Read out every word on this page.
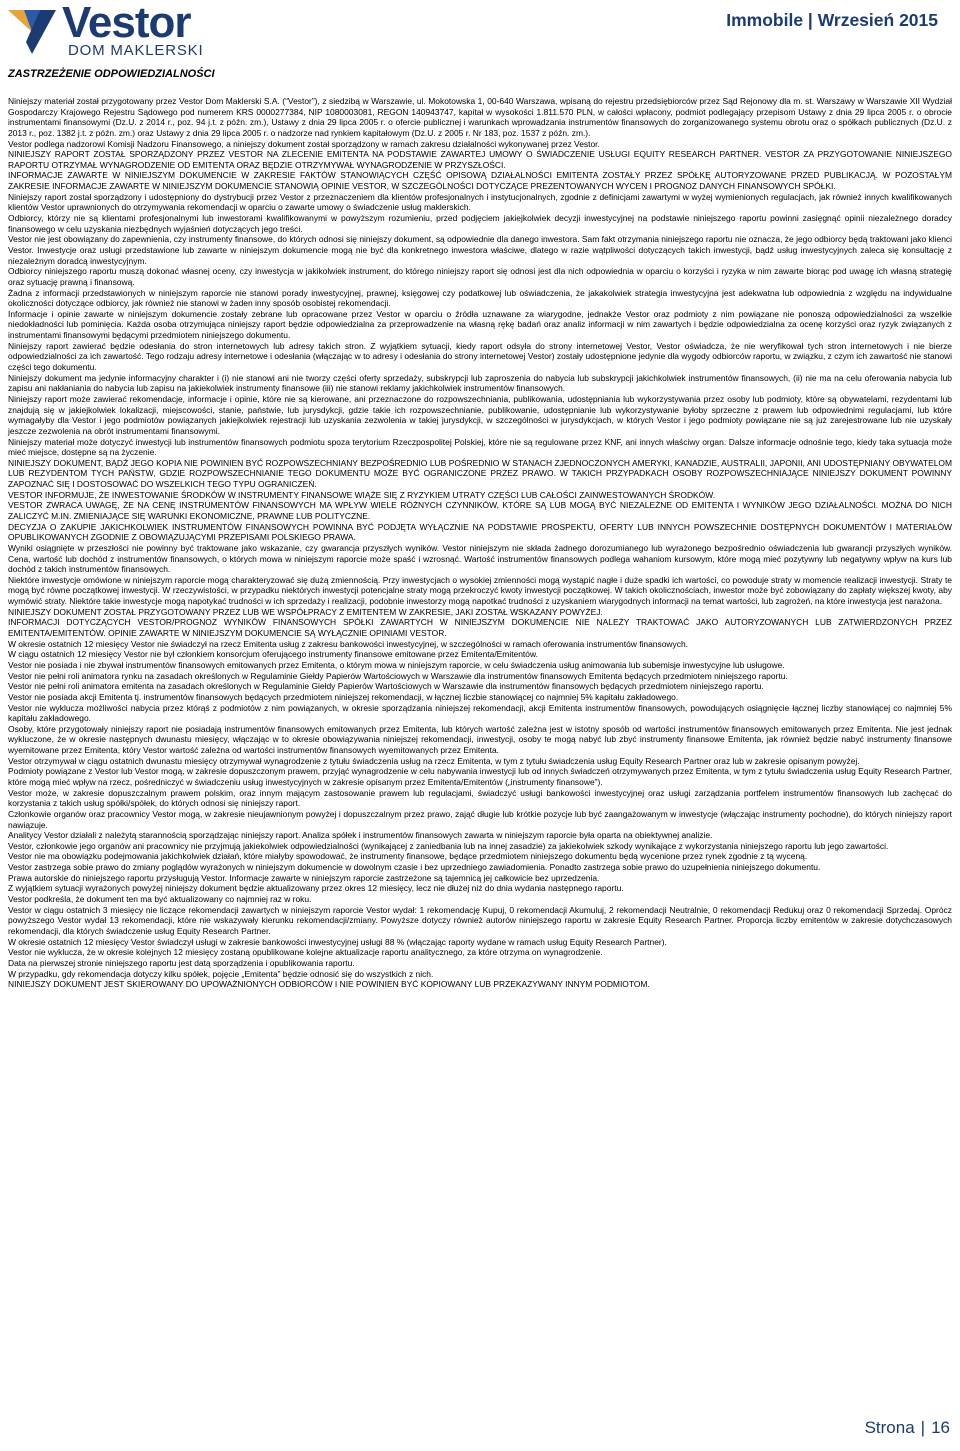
Vestor
DOM MAKLERSKI
Immobile | Wrzesień 2015
ZASTRZEŻENIE ODPOWIEDZIALNOŚCI

Niniejszy materiał został przygotowany przez Vestor Dom Maklerski S.A. (“Vestor”), z siedzibą w Warszawie, ul. Mokotowska 1, 00-640 Warszawa, wpisaną do rejestru przedsiębiorców przez Sąd Rejonowy dla m. st. Warszawy w Warszawie XII Wydział Gospodarczy Krajowego Rejestru Sądowego pod numerem KRS 0000277384, NIP 1080003081, REGON 140943747, kapitał w wysokości 1.811.570 PLN, w całości wpłacony, podmiot podlegający przepisom Ustawy z dnia 29 lipca 2005 r. o obrocie instrumentami finansowymi (Dz.U. z 2014 r., poz. 94 j.t. z późn. zm.), Ustawy z dnia 29 lipca 2005 r. o ofercie publicznej i warunkach wprowadzania instrumentów finansowych do zorganizowanego systemu obrotu oraz o spółkach publicznych (Dz.U. z 2013 r., poz. 1382 j.t. z późn. zm.) oraz Ustawy z dnia 29 lipca 2005 r. o nadzorze nad rynkiem kapitałowym (Dz.U. z 2005 r. Nr 183, poz. 1537 z późn. zm.).

Vestor podlega nadzorowi Komisji Nadzoru Finansowego, a niniejszy dokument został sporządzony w ramach zakresu działalności wykonywanej przez Vestor.

NINIEJSZY RAPORT ZOSTAŁ SPORZĄDZONY PRZEZ VESTOR NA ZLECENIE EMITENTA NA PODSTAWIE ZAWARTEJ UMOWY O ŚWIADCZENIE USŁUGI EQUITY RESEARCH PARTNER. VESTOR ZA PRZYGOTOWANIE NINIEJSZEGO RAPORTU OTRZYMAŁ WYNAGRODZENIE OD EMITENTA ORAZ BĘDZIE OTRZYMYWAŁ WYNAGRODZENIE W PRZYSZŁOŚCI.

INFORMACJE ZAWARTE W NINIEJSZYM DOKUMENCIE W ZAKRESIE FAKTÓW STANOWIĄCYCH CZĘŚĆ OPISOWĄ DZIAŁALNOŚCI EMITENTA ZOSTAŁY PRZEZ SPÓŁKĘ AUTORYZOWANE PRZED PUBLIKACJĄ. W POZOSTAŁYM ZAKRESIE INFORMACJE ZAWARTE W NINIEJSZYM DOKUMENCIE STANOWIĄ OPINIE VESTOR, W SZCZEGÓLNOŚCI DOTYCZĄCE PREZENTOWANYCH WYCEN I PROGNOZ DANYCH FINANSOWYCH SPÓŁKI.

Niniejszy raport został sporządzony i udostępniony do dystrybucji przez Vestor z przeznaczeniem dla klientów profesjonalnych i instytucjonalnych, zgodnie z definicjami zawartymi w wyżej wymienionych regulacjach, jak również innych kwalifikowanych klientów Vestor uprawnionych do otrzymywania rekomendacji w oparciu o zawarte umowy o świadczenie usług maklerskich.

Odbiorcy, którzy nie są klientami profesjonalnymi lub inwestorami kwalifikowanymi w powyższym rozumieniu, przed podjęciem jakiejkolwiek decyzji inwestycyjnej na podstawie niniejszego raportu powinni zasięgnąć opinii niezależnego doradcy finansowego w celu uzyskania niezbędnych wyjaśnień dotyczących jego treści.

Vestor nie jest obowiązany do zapewnienia, czy instrumenty finansowe, do których odnosi się niniejszy dokument, są odpowiednie dla danego inwestora. Sam fakt otrzymania niniejszego raportu nie oznacza, że jego odbiorcy będą traktowani jako klienci Vestor. Inwestycje oraz usługi przedstawione lub zawarte w niniejszym dokumencie mogą nie być dla konkretnego inwestora właściwe, dlatego w razie wątpliwości dotyczących takich inwestycji, bądź usług inwestycyjnych zaleca się konsultację z niezależnym doradcą inwestycyjnym.

Odbiorcy niniejszego raportu muszą dokonać własnej oceny, czy inwestycja w jakikolwiek instrument, do którego niniejszy raport się odnosi jest dla nich odpowiednia w oparciu o korzyści i ryzyka w nim zawarte biorąc pod uwagę ich własną strategię oraz sytuację prawną i finansową.

Żadna z informacji przedstawionych w niniejszym raporcie nie stanowi porady inwestycyjnej, prawnej, księgowej czy podatkowej lub oświadczenia, że jakakolwiek strategia inwestycyjna jest adekwatna lub odpowiednia z względu na indywidualne okoliczności dotyczące odbiorcy, jak również nie stanowi w żaden inny sposób osobistej rekomendacji.

Informacje i opinie zawarte w niniejszym dokumencie zostały zebrane lub opracowane przez Vestor w oparciu o źródła uznawane za wiarygodne, jednakże Vestor oraz podmioty z nim powiązane nie ponoszą odpowiedzialności za wszelkie niedokładności lub pominięcia. Każda osoba otrzymująca niniejszy raport będzie odpowiedzialna za przeprowadzenie na własną rękę badań oraz analiz informacji w nim zawartych i będzie odpowiedzialna za ocenę korzyści oraz ryzyk związanych z instrumentami finansowymi będącymi przedmiotem niniejszego dokumentu.

Niniejszy raport zawierać będzie odesłania do stron internetowych lub adresy takich stron. Z wyjątkiem sytuacji, kiedy raport odsyła do strony internetowej Vestor, Vestor oświadcza, że nie weryfikował tych stron internetowych i nie bierze odpowiedzialności za ich zawartość. Tego rodzaju adresy internetowe i odesłania (włączając w to adresy i odesłania do strony internetowej Vestor) zostały udostępnione jedynie dla wygody odbiorców raportu, w związku, z czym ich zawartość nie stanowi części tego dokumentu.

Niniejszy dokument ma jedynie informacyjny charakter i (i) nie stanowi ani nie tworzy części oferty sprzedaży, subskrypcji lub zaproszenia do nabycia lub subskrypcji jakichkolwiek instrumentów finansowych, (ii) nie ma na celu oferowania nabycia lub zapisu ani nakłaniania do nabycia lub zapisu na jakiekolwiek instrumenty finansowe (iii) nie stanowi reklamy jakichkolwiek instrumentów finansowych.

Niniejszy raport może zawierać rekomendacje, informacje i opinie, które nie są kierowane, ani przeznaczone do rozpowszechniania, publikowania, udostępniania lub wykorzystywania przez osoby lub podmioty, które są obywatelami, rezydentami lub znajdują się w jakiejkolwiek lokalizacji, miejscowości, stanie, państwie, lub jurysdykcji, gdzie takie ich rozpowszechnianie, publikowanie, udostępnianie lub wykorzystywanie byłoby sprzeczne z prawem lub odpowiednimi regulacjami, lub które wymagałyby dla Vestor i jego podmiotów powiązanych jakiejkolwiek rejestracji lub uzyskania zezwolenia w takiej jurysdykcji, w szczególności w jurysdykcjach, w których Vestor i jego podmioty powiązane nie są już zarejestrowane lub nie uzyskały jeszcze zezwolenia na obrót instrumentami finansowymi.

Niniejszy materiał może dotyczyć inwestycji lub instrumentów finansowych podmiotu spoza terytorium Rzeczpospolitej Polskiej, które nie są regulowane przez KNF, ani innych właściwy organ. Dalsze informacje odnośnie tego, kiedy taka sytuacja może mieć miejsce, dostępne są na życzenie.

NINIEJSZY DOKUMENT, BĄDŹ JEGO KOPIA NIE POWINIEN BYĆ ROZPOWSZECHNIANY BEZPOŚREDNIO LUB POŚREDNIO W STANACH ZJEDNOCZONYCH AMERYKI, KANADZIE, AUSTRALII, JAPONII, ANI UDOSTĘPNIANY OBYWATELOM LUB REZYDENTOM TYCH PAŃSTW, GDZIE ROZPOWSZECHNIANIE TEGO DOKUMENTU MOŻE BYĆ OGRANICZONE PRZEZ PRAWO. W TAKICH PRZYPADKACH OSOBY ROZPOWSZECHNIAJĄCE NINIEJSZY DOKUMENT POWINNY ZAPOZNAĆ SIĘ I DOSTOSOWAĆ DO WSZELKICH TEGO TYPU OGRANICZEŃ.

VESTOR INFORMUJE, ŻE INWESTOWANIE ŚRODKÓW W INSTRUMENTY FINANSOWE WIĄŻE SIĘ Z RYZYKIEM UTRATY CZĘŚCI LUB CAŁOŚCI ZAINWESTOWANYCH ŚRODKÓW.

VESTOR ZWRACA UWAGĘ, ŻE NA CENĘ INSTRUMENTÓW FINANSOWYCH MA WPŁYW WIELE RÓŻNYCH CZYNNIKÓW, KTÓRE SĄ LUB MOGĄ BYĆ NIEZALEŻNE OD EMITENTA I WYNIKÓW JEGO DZIAŁALNOŚCI. MOŻNA DO NICH ZALICZYĆ M.IN. ZMIENIAJĄCE SIĘ WARUNKI EKONOMICZNE, PRAWNE LUB POLITYCZNE.

DECYZJA O ZAKUPIE JAKICHKOLWIEK INSTRUMENTÓW FINANSOWYCH POWINNA BYĆ PODJĘTA WYŁĄCZNIE NA PODSTAWIE PROSPEKTU, OFERTY LUB INNYCH POWSZECHNIE DOSTĘPNYCH DOKUMENTÓW I MATERIAŁÓW OPUBLIKOWANYCH ZGODNIE Z OBOWIĄZUJĄCYMI PRZEPISAMI POLSKIEGO PRAWA.

Wyniki osiągnięte w przeszłości nie powinny być traktowane jako wskazanie, czy gwarancja przyszłych wyników. Vestor niniejszym nie składa żadnego dorozumianego lub wyrażonego bezpośrednio oświadczenia lub gwarancji przyszłych wyników. Cena, wartość lub dochód z instrumentów finansowych, o których mowa w niniejszym raporcie może spaść i wzrosnąć. Wartość instrumentów finansowych podlega wahaniom kursowym, które mogą mieć pozytywny lub negatywny wpływ na kurs lub dochód z takich instrumentów finansowych.

Niektóre inwestycje omówione w niniejszym raporcie mogą charakteryzować się dużą zmiennością. Przy inwestycjach o wysokiej zmienności mogą wystąpić nagłe i duże spadki ich wartości, co powoduje straty w momencie realizacji inwestycji. Straty te mogą być równe początkowej inwestycji. W rzeczywistości, w przypadku niektórych inwestycji potencjalne straty mogą przekroczyć kwoty inwestycji początkowej. W takich okolicznościach, inwestor może być zobowiązany do zapłaty większej kwoty, aby wymówić straty. Niektóre takie inwestycje mogą napotykać trudności w ich sprzedaży i realizacji, podobnie inwestorzy mogą napotkać trudności z uzyskaniem wiarygodnych informacji na temat wartości, lub zagrożeń, na które inwestycja jest narażona.

NINIEJSZY DOKUMENT ZOSTAŁ PRZYGOTOWANY PRZEZ LUB WE WSPÓŁPRACY Z EMITENTEM W ZAKRESIE, JAKI ZOSTAŁ WSKAZANY POWYŻEJ.

INFORMACJI DOTYCZĄCYCH VESTOR/PROGNOZ WYNIKÓW FINANSOWYCH SPÓŁKI ZAWARTYCH W NINIEJSZYM DOKUMENCIE NIE NALEŻY TRAKTOWAĆ JAKO AUTORYZOWANYCH LUB ZATWIERDZONYCH PRZEZ EMITENTA/EMITENTÓW. OPINIE ZAWARTE W NINIEJSZYM DOKUMENCIE SĄ WYŁĄCZNIE OPINIAMI VESTOR.

W okresie ostatnich 12 miesięcy Vestor nie świadczył na rzecz Emitenta usług z zakresu bankowości inwestycyjnej, w szczególności w ramach oferowania instrumentów finansowych.

W ciągu ostatnich 12 miesięcy Vestor nie był członkiem konsorcjum oferującego instrumenty finansowe emitowane przez Emitenta/Emitentów.

Vestor nie posiada i nie zbywał instrumentów finansowych emitowanych przez Emitenta, o którym mowa w niniejszym raporcie, w celu świadczenia usług animowania lub subemisje inwestycyjne lub usługowe.

Vestor nie pełni roli animatora rynku na zasadach określonych w Regulaminie Giełdy Papierów Wartościowych w Warszawie dla instrumentów finansowych Emitenta będących przedmiotem niniejszego raportu.

Vestor nie pełni roli animatora emitenta na zasadach określonych w Regulaminie Giełdy Papierów Wartościowych w Warszawie dla instrumentów finansowych będących przedmiotem niniejszego raportu.

Vestor nie posiada akcji Emitenta tj. instrumentów finansowych będących przedmiotem niniejszej rekomendacji, w łącznej liczbie stanowiącej co najmniej 5% kapitału zakładowego.

Vestor nie wyklucza możliwości nabycia przez którąś z podmiotów z nim powiązanych, w okresie sporządzania niniejszej rekomendacji, akcji Emitenta instrumentów finansowych, powodujących osiągnięcie łącznej liczby stanowiącej co najmniej 5% kapitału zakładowego.

Osoby, które przygotowały niniejszy raport nie posiadają instrumentów finansowych emitowanych przez Emitenta, lub których wartość zależna jest w istotny sposób od wartości instrumentów finansowych emitowanych przez Emitenta. Nie jest jednak wykluczone, że w okresie następnych dwunastu miesięcy, włączając w to okresie obowiązywania niniejszej rekomendacji, inwestycji, osoby te mogą nabyć lub zbyć instrumenty finansowe Emitenta, jak również będzie nabyć instrumenty finansowe wyemitowane przez Emitenta, który Vestor wartość zależna od wartości instrumentów finansowych wyemitowanych przez Emitenta.

Vestor otrzymywał w ciągu ostatnich dwunastu miesięcy otrzymywał wynagrodzenie z tytułu świadczenia usług na rzecz Emitenta, w tym z tytułu świadczenia usług Equity Research Partner oraz lub w zakresie opisanym powyżej.

Podmioty powiązane z Vestor lub Vestor mogą, w zakresie dopuszczonym prawem, przyjąć wynagrodzenie w celu nabywania inwestycji lub od innych świadczeń otrzymywanych przez Emitenta, w tym z tytułu świadczenia usług Equity Research Partner, które mogą mieć wpływ na rzecz, pośredniczyć w świadczeniu usług inwestycyjnych w zakresie opisanym przez Emitenta/Emitentów („instrumenty finansowe”).

Vestor może, w zakresie dopuszczalnym prawem polskim, oraz innym mającym zastosowanie prawem lub regulacjami, świadczyć usługi bankowości inwestycyjnej oraz usługi zarządzania portfelem instrumentów finansowych lub zachęcać do korzystania z takich usług spółki/spółek, do których odnosi się niniejszy raport.

Członkowie organów oraz pracownicy Vestor mogą, w zakresie nieujawnionym powyżej i dopuszczalnym przez prawo, zająć długie lub krótkie pozycje lub być zaangażowanym w inwestycje (włączając instrumenty pochodne), do których niniejszy raport nawiązuje.

Analitycy Vestor działali z należytą starannością sporządzając niniejszy raport. Analiza spółek i instrumentów finansowych zawarta w niniejszym raporcie była oparta na obiektywnej analizie.

Vestor, członkowie jego organów ani pracownicy nie przyjmują jakiekolwiek odpowiedzialności (wynikającej z zaniedbania lub na innej zasadzie) za jakiekolwiek szkody wynikające z wykorzystania niniejszego raportu lub jego zawartości.

Vestor nie ma obowiązku podejmowania jakichkolwiek działań, które miałyby spowodować, że instrumenty finansowe, będące przedmiotem niniejszego dokumentu będą wycenione przez rynek zgodnie z tą wyceną.

Vestor zastrzega sobie prawo do zmiany poglądów wyrażonych w niniejszym dokumencie w dowolnym czasie i bez uprzedniego zawiadomienia. Ponadto zastrzega sobie prawo do uzupełnienia niniejszego dokumentu.

Prawa autorskie do niniejszego raportu przysługują Vestor. Informacje zawarte w niniejszym raporcie zastrzeżone są tajemnicą jej całkowicie bez uprzedzenia.

Z wyjątkiem sytuacji wyrażonych powyżej niniejszy dokument będzie aktualizowany przez okres 12 miesięcy, lecz nie dłużej niż do dnia wydania następnego raportu.

Vestor podkreśla, że dokument ten ma być aktualizowany co najmniej raz w roku.

Vestor w ciągu ostatnich 3 miesięcy nie liczące rekomendacji zawartych w niniejszym raporcie Vestor wydał: 1 rekomendację Kupuj, 0 rekomendacji Akumuluj, 2 rekomendacji Neutralnie, 0 rekomendacji Redukuj oraz 0 rekomendacji Sprzedaj. Oprócz powyższego Vestor wydał 13 rekomendacji, które nie wskazywały kierunku rekomendacji/zmiany. Powyższe dotyczy również autorów niniejszego raportu w zakresie Equity Research Partner. Proporcja liczby emitentów w zakresie dotychczasowych rekomendacji, dla których świadczenie usług Equity Research Partner.

W okresie ostatnich 12 miesięcy Vestor świadczył usługi w zakresie bankowości inwestycyjnej usługi 88 % (włączając raporty wydane w ramach usług Equity Research Partner).

Vestor nie wyklucza, że w okresie kolejnych 12 miesięcy zostaną opublikowane kolejne aktualizacje raportu analitycznego, za które otrzyma on wynagrodzenie.

Data na pierwszej stronie niniejszego raportu jest datą sporządzenia i opublikowania raportu.

W przypadku, gdy rekomendacja dotyczy kilku spółek, pojęcie „Emitenta” będzie odnosić się do wszystkich z nich.

NINIEJSZY DOKUMENT JEST SKIEROWANY DO UPOWAŻNIONYCH ODBIORCÓW I NIE POWINIEN BYĆ KOPIOWANY LUB PRZEKAZYWANY INNYM PODMIOTOM.

Strona | 16
